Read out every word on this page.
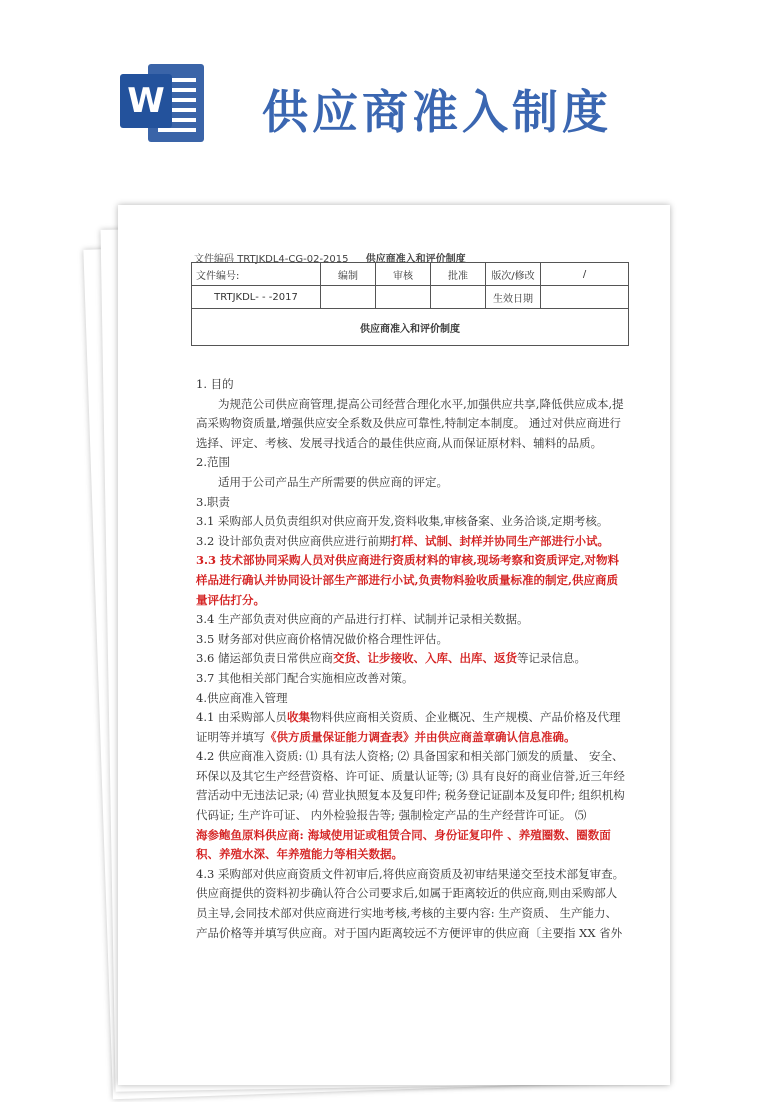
W 供应商准入制度
文件编码 TRTJKDL4-CG-02-2015 供应商准入和评价制度
文件编号:	编制	审核	批准	版次/修改	/
TRTJKDL- - -2017				生效日期	
供应商准入和评价制度					

1. 目的

为规范公司供应商管理,提高公司经营合理化水平,加强供应共享,降低供应成本,提高采购物资质量,增强供应安全系数及供应可靠性,特制定本制度。 通过对供应商进行选择、评定、考核、发展寻找适合的最佳供应商,从而保证原材料、辅料的品质。

2.范围

适用于公司产品生产所需要的供应商的评定。

3.职责

3.1 采购部人员负责组织对供应商开发,资料收集,审核备案、业务洽谈,定期考核。

3.2 设计部负责对供应商供应进行前期打样、试制、封样并协同生产部进行小试。

3.3 技术部协同采购人员对供应商进行资质材料的审核,现场考察和资质评定,对物料样品进行确认并协同设计部生产部进行小试,负责物料验收质量标准的制定,供应商质量评估打分。

3.4 生产部负责对供应商的产品进行打样、试制并记录相关数据。

3.5 财务部对供应商价格情况做价格合理性评估。

3.6 储运部负责日常供应商交货、让步接收、入库、出库、返货等记录信息。

3.7 其他相关部门配合实施相应改善对策。

4.供应商准入管理

4.1 由采购部人员收集物料供应商相关资质、企业概况、生产规模、产品价格及代理证明等并填写《供方质量保证能力调查表》并由供应商盖章确认信息准确。

4.2 供应商准入资质: ⑴ 具有法人资格; ⑵ 具备国家和相关部门颁发的质量、 安全、环保以及其它生产经营资格、许可证、质量认证等; ⑶ 具有良好的商业信誉,近三年经营活动中无违法记录; ⑷ 营业执照复本及复印件; 税务登记证副本及复印件; 组织机构代码证; 生产许可证、 内外检验报告等; 强制检定产品的生产经营许可证。 ⑸

海参鲍鱼原料供应商: 海域使用证或租赁合同、身份证复印件 、养殖圈数、圈数面积、养殖水深、年养殖能力等相关数据。

4.3 采购部对供应商资质文件初审后,将供应商资质及初审结果递交至技术部复审查。供应商提供的资料初步确认符合公司要求后,如属于距离较近的供应商,则由采购部人员主导,会同技术部对供应商进行实地考核,考核的主要内容: 生产资质、 生产能力、产品价格等并填写供应商。对于国内距离较远不方便评审的供应商〔主要指 XX 省外
